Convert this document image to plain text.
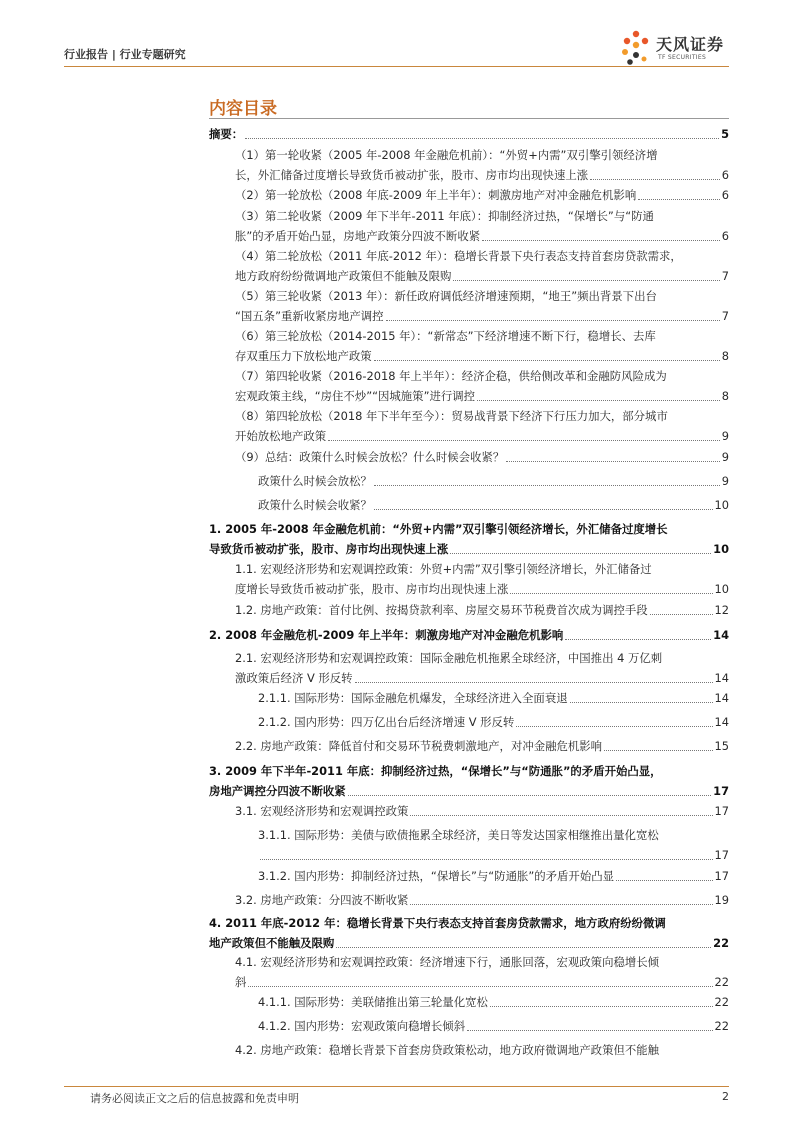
行业报告 | 行业专题研究
天风证券
TF SECURITIES
内容目录
摘要：	5
（1）第一轮收紧（2005 年-2008 年金融危机前）：“外贸+内需”双引擎引领经济增
长，外汇储备过度增长导致货币被动扩张，股市、房市均出现快速上涨	6
（2）第一轮放松（2008 年底-2009 年上半年）：刺激房地产对冲金融危机影响	6
（3）第二轮收紧（2009 年下半年-2011 年底）：抑制经济过热，“保增长”与“防通
胀”的矛盾开始凸显，房地产政策分四波不断收紧	6
（4）第二轮放松（2011 年底-2012 年）：稳增长背景下央行表态支持首套房贷款需求，
地方政府纷纷微调地产政策但不能触及限购	7
（5）第三轮收紧（2013 年）：新任政府调低经济增速预期，“地王”频出背景下出台
“国五条”重新收紧房地产调控	7
（6）第三轮放松（2014-2015 年）：“新常态”下经济增速不断下行，稳增长、去库
存双重压力下放松地产政策	8
（7）第四轮收紧（2016-2018 年上半年）：经济企稳，供给侧改革和金融防风险成为
宏观政策主线，“房住不炒”“因城施策”进行调控	8
（8）第四轮放松（2018 年下半年至今）：贸易战背景下经济下行压力加大，部分城市
开始放松地产政策	9
（9）总结：政策什么时候会放松？什么时候会收紧？	9
政策什么时候会放松？	9
政策什么时候会收紧？	10
1. 2005 年-2008 年金融危机前：“外贸+内需”双引擎引领经济增长，外汇储备过度增长
导致货币被动扩张，股市、房市均出现快速上涨	10
1.1. 宏观经济形势和宏观调控政策：外贸+内需”双引擎引领经济增长，外汇储备过
度增长导致货币被动扩张，股市、房市均出现快速上涨	10
1.2. 房地产政策：首付比例、按揭贷款利率、房屋交易环节税费首次成为调控手段	12
2. 2008 年金融危机-2009 年上半年：刺激房地产对冲金融危机影响	14
2.1. 宏观经济形势和宏观调控政策：国际金融危机拖累全球经济，中国推出 4 万亿刺
激政策后经济 V 形反转	14
2.1.1. 国际形势：国际金融危机爆发，全球经济进入全面衰退	14
2.1.2. 国内形势：四万亿出台后经济增速 V 形反转	14
2.2. 房地产政策：降低首付和交易环节税费刺激地产，对冲金融危机影响	15
3. 2009 年下半年-2011 年底：抑制经济过热，“保增长”与“防通胀”的矛盾开始凸显，
房地产调控分四波不断收紧	17
3.1. 宏观经济形势和宏观调控政策	17
3.1.1. 国际形势：美债与欧债拖累全球经济，美日等发达国家相继推出量化宽松
17
3.1.2. 国内形势：抑制经济过热，“保增长”与“防通胀”的矛盾开始凸显	17
3.2. 房地产政策：分四波不断收紧	19
4. 2011 年底-2012 年：稳增长背景下央行表态支持首套房贷款需求，地方政府纷纷微调
地产政策但不能触及限购	22
4.1. 宏观经济形势和宏观调控政策：经济增速下行，通胀回落，宏观政策向稳增长倾
斜	22
4.1.1. 国际形势：美联储推出第三轮量化宽松	22
4.1.2. 国内形势：宏观政策向稳增长倾斜	22
4.2. 房地产政策：稳增长背景下首套房贷政策松动，地方政府微调地产政策但不能触
请务必阅读正文之后的信息披露和免责申明	2
